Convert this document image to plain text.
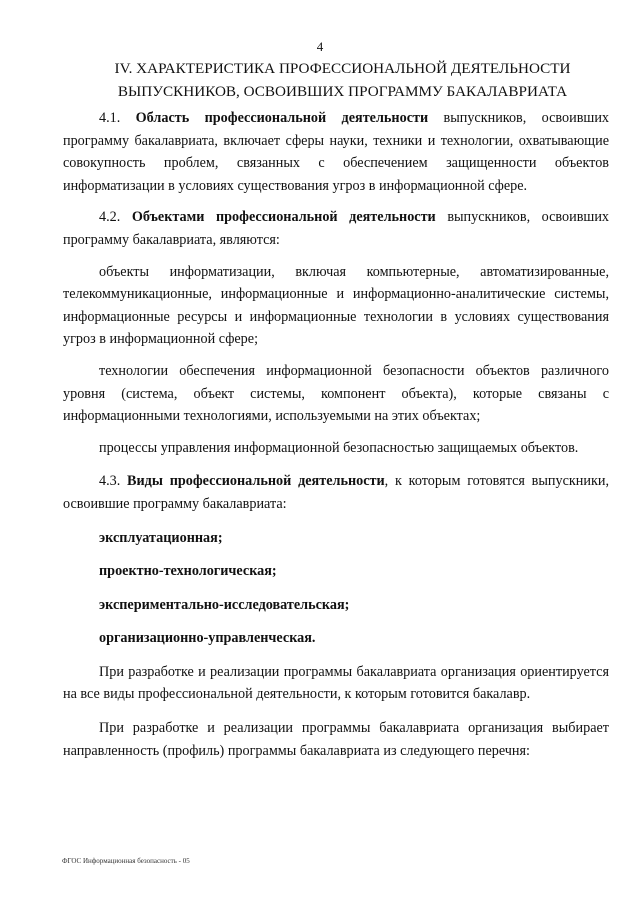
4
IV. ХАРАКТЕРИСТИКА ПРОФЕССИОНАЛЬНОЙ ДЕЯТЕЛЬНОСТИ
ВЫПУСКНИКОВ, ОСВОИВШИХ ПРОГРАММУ БАКАЛАВРИАТА

4.1. Область профессиональной деятельности выпускников, освоивших программу бакалавриата, включает сферы науки, техники и технологии, охватывающие совокупность проблем, связанных с обеспечением защищенности объектов информатизации в условиях существования угроз в информационной сфере.

4.2. Объектами профессиональной деятельности выпускников, освоивших программу бакалавриата, являются:

объекты информатизации, включая компьютерные, автоматизированные, телекоммуникационные, информационные и информационно-аналитические системы, информационные ресурсы и информационные технологии в условиях существования угроз в информационной сфере;

технологии обеспечения информационной безопасности объектов различного уровня (система, объект системы, компонент объекта), которые связаны с информационными технологиями, используемыми на этих объектах;

процессы управления информационной безопасностью защищаемых объектов.

4.3. Виды профессиональной деятельности, к которым готовятся выпускники, освоившие программу бакалавриата:

эксплуатационная;

проектно-технологическая;

экспериментально-исследовательская;

организационно-управленческая.

При разработке и реализации программы бакалавриата организация ориентируется на все виды профессиональной деятельности, к которым готовится бакалавр.

При разработке и реализации программы бакалавриата организация выбирает направленность (профиль) программы бакалавриата из следующего перечня:

ФГОС Информационная безопасность - 05
